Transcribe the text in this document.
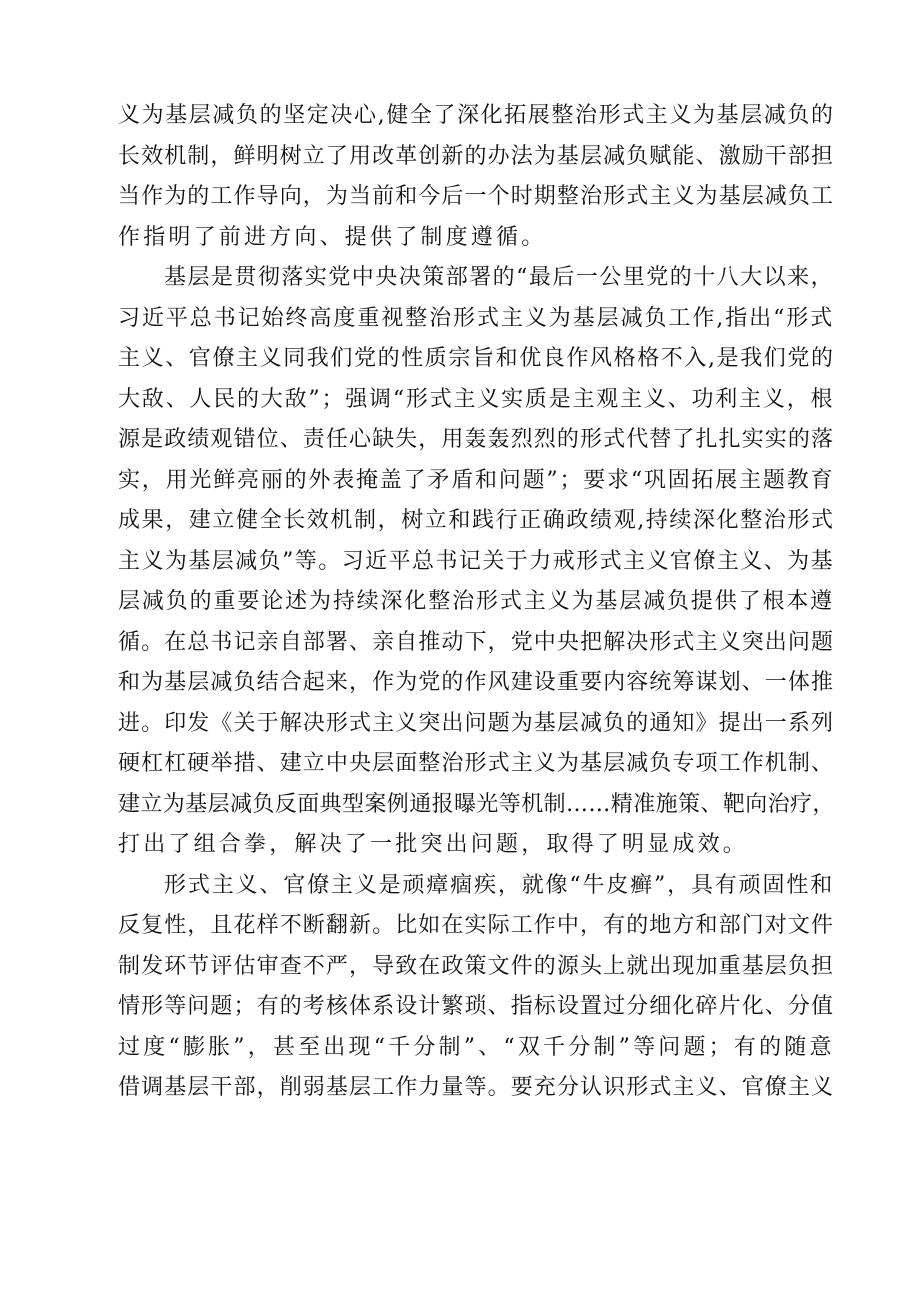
义为基层减负的坚定决心,健全了深化拓展整治形式主义为基层减负的
长效机制，鲜明树立了用改革创新的办法为基层减负赋能、激励干部担
当作为的工作导向，为当前和今后一个时期整治形式主义为基层减负工
作指明了前进方向、提供了制度遵循。
基层是贯彻落实党中央决策部署的“最后一公里党的十八大以来，
习近平总书记始终高度重视整治形式主义为基层减负工作,指出“形式
主义、官僚主义同我们党的性质宗旨和优良作风格格不入,是我们党的
大敌、人民的大敌”；强调“形式主义实质是主观主义、功利主义，根
源是政绩观错位、责任心缺失，用轰轰烈烈的形式代替了扎扎实实的落
实，用光鲜亮丽的外表掩盖了矛盾和问题”；要求“巩固拓展主题教育
成果，建立健全长效机制，树立和践行正确政绩观,持续深化整治形式
主义为基层减负”等。习近平总书记关于力戒形式主义官僚主义、为基
层减负的重要论述为持续深化整治形式主义为基层减负提供了根本遵
循。在总书记亲自部署、亲自推动下，党中央把解决形式主义突出问题
和为基层减负结合起来，作为党的作风建设重要内容统筹谋划、一体推
进。印发《关于解决形式主义突出问题为基层减负的通知》提出一系列
硬杠杠硬举措、建立中央层面整治形式主义为基层减负专项工作机制、
建立为基层减负反面典型案例通报曝光等机制……精准施策、靶向治疗，
打出了组合拳，解决了一批突出问题，取得了明显成效。
形式主义、官僚主义是顽瘴痼疾，就像“牛皮癣”，具有顽固性和
反复性，且花样不断翻新。比如在实际工作中，有的地方和部门对文件
制发环节评估审查不严，导致在政策文件的源头上就出现加重基层负担
情形等问题；有的考核体系设计繁琐、指标设置过分细化碎片化、分值
过度“膨胀”，甚至出现“千分制”、“双千分制”等问题；有的随意
借调基层干部，削弱基层工作力量等。要充分认识形式主义、官僚主义
